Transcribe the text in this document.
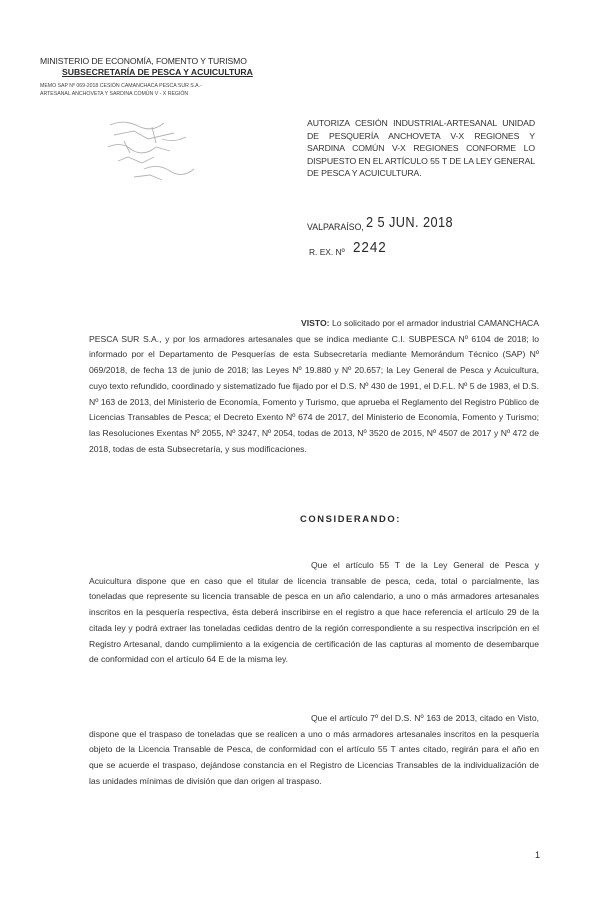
MINISTERIO DE ECONOMÍA, FOMENTO Y TURISMO
SUBSECRETARÍA DE PESCA Y ACUICULTURA
MEMO SAP Nº 069-2018 CESIÓN CAMANCHACA PESCA SUR S.A.-
ARTESANAL ANCHOVETA Y SARDINA COMÚN V - X REGIÓN
AUTORIZA CESIÓN INDUSTRIAL-ARTESANAL UNIDAD DE PESQUERÍA ANCHOVETA V-X REGIONES Y SARDINA COMÚN V-X REGIONES CONFORME LO DISPUESTO EN EL ARTÍCULO 55 T DE LA LEY GENERAL DE PESCA Y ACUICULTURA.
VALPARAÍSO, 2 5 JUN. 2018
R. EX. Nº 2242
VISTO: Lo solicitado por el armador industrial CAMANCHACA PESCA SUR S.A., y por los armadores artesanales que se indica mediante C.I. SUBPESCA Nº 6104 de 2018; lo informado por el Departamento de Pesquerías de esta Subsecretaría mediante Memorándum Técnico (SAP) Nº 069/2018, de fecha 13 de junio de 2018; las Leyes Nº 19.880 y Nº 20.657; la Ley General de Pesca y Acuicultura, cuyo texto refundido, coordinado y sistematizado fue fijado por el D.S. Nº 430 de 1991, el D.F.L. Nº 5 de 1983, el D.S. Nº 163 de 2013, del Ministerio de Economía, Fomento y Turismo, que aprueba el Reglamento del Registro Público de Licencias Transables de Pesca; el Decreto Exento Nº 674 de 2017, del Ministerio de Economía, Fomento y Turismo; las Resoluciones Exentas Nº 2055, Nº 3247, Nº 2054, todas de 2013, Nº 3520 de 2015, Nº 4507 de 2017 y Nº 472 de 2018, todas de esta Subsecretaría, y sus modificaciones.
CONSIDERANDO:
Que el artículo 55 T de la Ley General de Pesca y Acuicultura dispone que en caso que el titular de licencia transable de pesca, ceda, total o parcialmente, las toneladas que represente su licencia transable de pesca en un año calendario, a uno o más armadores artesanales inscritos en la pesquería respectiva, ésta deberá inscribirse en el registro a que hace referencia el artículo 29 de la citada ley y podrá extraer las toneladas cedidas dentro de la región correspondiente a su respectiva inscripción en el Registro Artesanal, dando cumplimiento a la exigencia de certificación de las capturas al momento de desembarque de conformidad con el artículo 64 E de la misma ley.
Que el artículo 7º del D.S. Nº 163 de 2013, citado en Visto, dispone que el traspaso de toneladas que se realicen a uno o más armadores artesanales inscritos en la pesquería objeto de la Licencia Transable de Pesca, de conformidad con el artículo 55 T antes citado, regirán para el año en que se acuerde el traspaso, dejándose constancia en el Registro de Licencias Transables de la individualización de las unidades mínimas de división que dan origen al traspaso.
1
